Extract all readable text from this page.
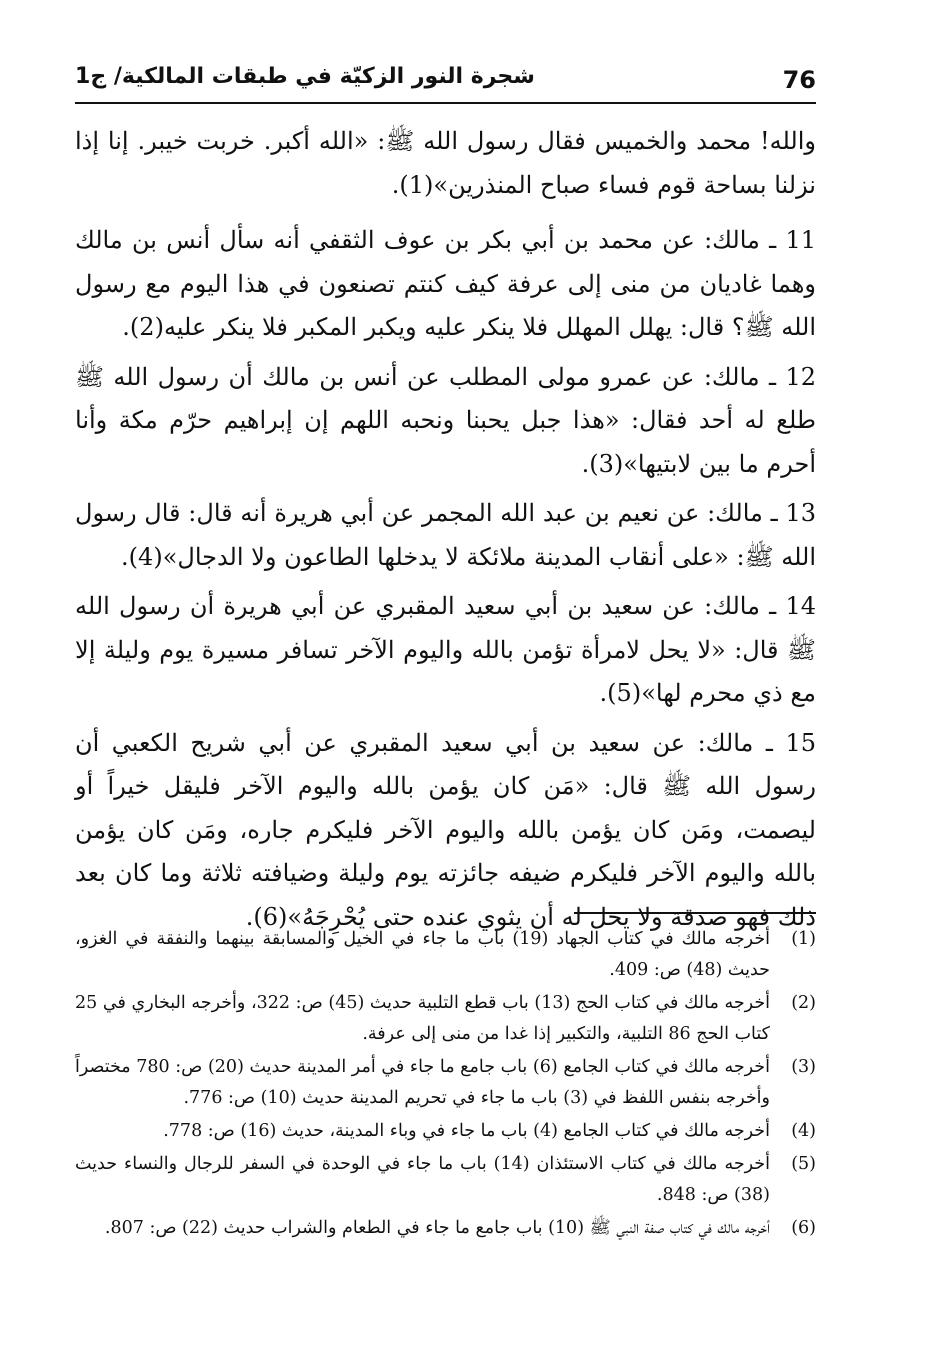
76
شجرة النور الزكيّة في طبقات المالكية/ ج1

والله! محمد والخميس فقال رسول الله ﷺ: «الله أكبر. خربت خيبر. إنا إذا نزلنا بساحة قوم فساء صباح المنذرين»(1).

11 ـ مالك: عن محمد بن أبي بكر بن عوف الثقفي أنه سأل أنس بن مالك وهما غاديان من منى إلى عرفة كيف كنتم تصنعون في هذا اليوم مع رسول الله ﷺ؟ قال: يهلل المهلل فلا ينكر عليه ويكبر المكبر فلا ينكر عليه(2).

12 ـ مالك: عن عمرو مولى المطلب عن أنس بن مالك أن رسول الله ﷺ طلع له أحد فقال: «هذا جبل يحبنا ونحبه اللهم إن إبراهيم حرّم مكة وأنا أحرم ما بين لابتيها»(3).

13 ـ مالك: عن نعيم بن عبد الله المجمر عن أبي هريرة أنه قال: قال رسول الله ﷺ: «على أنقاب المدينة ملائكة لا يدخلها الطاعون ولا الدجال»(4).

14 ـ مالك: عن سعيد بن أبي سعيد المقبري عن أبي هريرة أن رسول الله ﷺ قال: «لا يحل لامرأة تؤمن بالله واليوم الآخر تسافر مسيرة يوم وليلة إلا مع ذي محرم لها»(5).

15 ـ مالك: عن سعيد بن أبي سعيد المقبري عن أبي شريح الكعبي أن رسول الله ﷺ قال: «مَن كان يؤمن بالله واليوم الآخر فليقل خيراً أو ليصمت، ومَن كان يؤمن بالله واليوم الآخر فليكرم جاره، ومَن كان يؤمن بالله واليوم الآخر فليكرم ضيفه جائزته يوم وليلة وضيافته ثلاثة وما كان بعد ذلك فهو صدقة ولا يحل له أن يثوي عنده حتى يُحْرِجَهُ»(6).

(1)
أخرجه مالك في كتاب الجهاد (19) باب ما جاء في الخيل والمسابقة بينهما والنفقة في الغزو، حديث (48) ص: 409.
(2)
أخرجه مالك في كتاب الحج (13) باب قطع التلبية حديث (45) ص: 322، وأخرجه البخاري في 25 كتاب الحج 86 التلبية، والتكبير إذا غدا من منى إلى عرفة.
(3)
أخرجه مالك في كتاب الجامع (6) باب جامع ما جاء في أمر المدينة حديث (20) ص: 780 مختصراً وأخرجه بنفس اللفظ في (3) باب ما جاء في تحريم المدينة حديث (10) ص: 776.
(4)
أخرجه مالك في كتاب الجامع (4) باب ما جاء في وباء المدينة، حديث (16) ص: 778.
(5)
أخرجه مالك في كتاب الاستئذان (14) باب ما جاء في الوحدة في السفر للرجال والنساء حديث (38) ص: 848.
(6)
أخرجه مالك في كتاب صفة النبي ﷺ (10) باب جامع ما جاء في الطعام والشراب حديث (22) ص: 807.
